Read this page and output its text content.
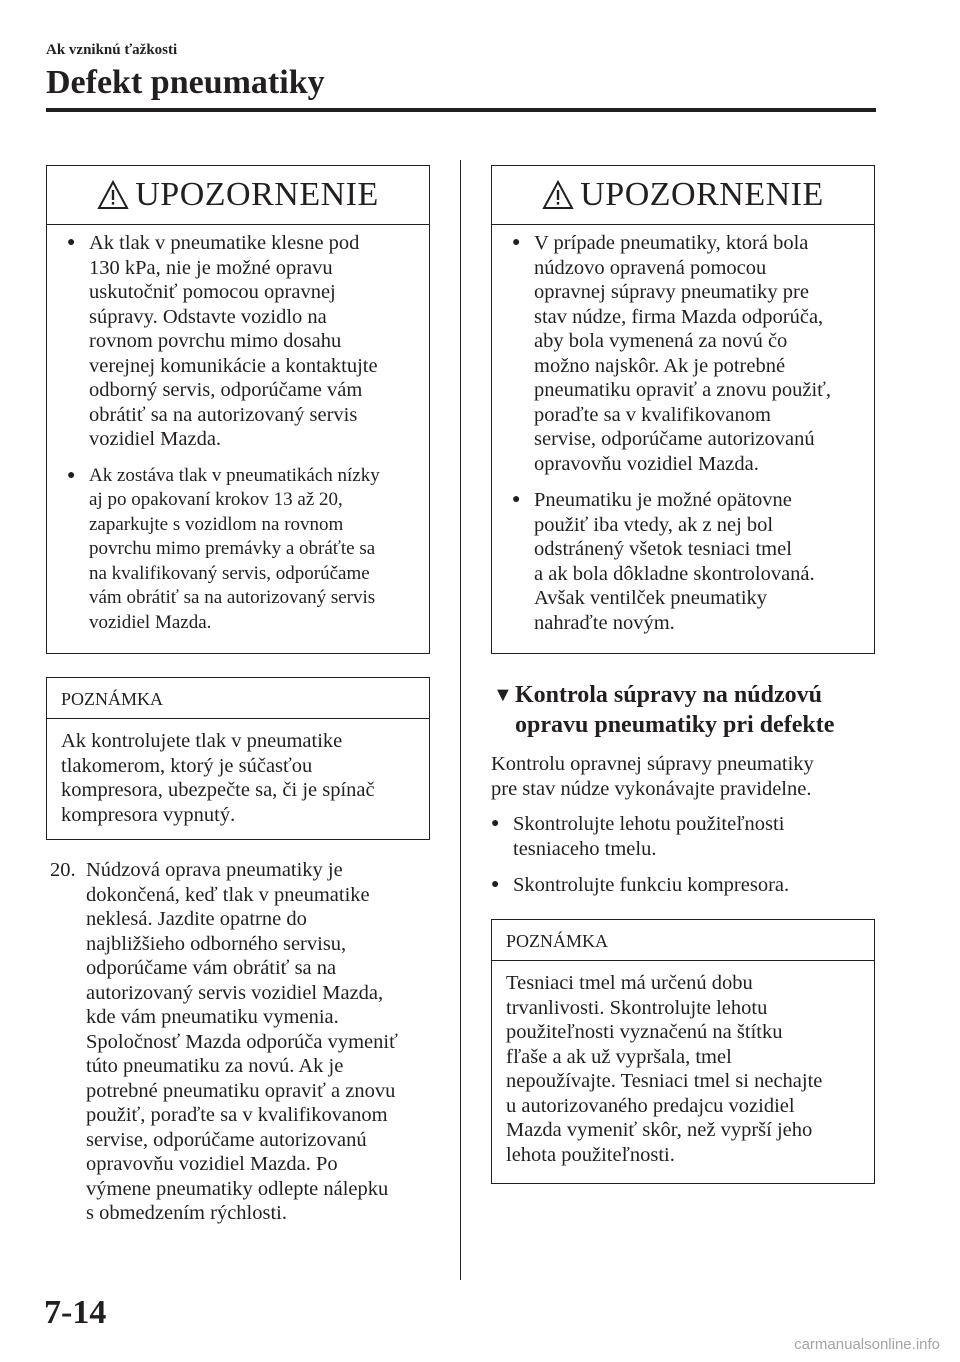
Ak vzniknú ťažkosti
Defekt pneumatiky
UPOZORNENIE
● Ak tlak v pneumatike klesne pod
130 kPa, nie je možné opravu
uskutočniť pomocou opravnej
súpravy. Odstavte vozidlo na
rovnom povrchu mimo dosahu
verejnej komunikácie a kontaktujte
odborný servis, odporúčame vám
obrátiť sa na autorizovaný servis
vozidiel Mazda.
● Ak zostáva tlak v pneumatikách nízky
aj po opakovaní krokov 13 až 20,
zaparkujte s vozidlom na rovnom
povrchu mimo premávky a obráťte sa
na kvalifikovaný servis, odporúčame
vám obrátiť sa na autorizovaný servis
vozidiel Mazda.
POZNÁMKA
Ak kontrolujete tlak v pneumatike
tlakomerom, ktorý je súčasťou
kompresora, ubezpečte sa, či je spínač
kompresora vypnutý.
20. Núdzová oprava pneumatiky je
dokončená, keď tlak v pneumatike
neklesá. Jazdite opatrne do
najbližšieho odborného servisu,
odporúčame vám obrátiť sa na
autorizovaný servis vozidiel Mazda,
kde vám pneumatiku vymenia.
Spoločnosť Mazda odporúča vymeniť
túto pneumatiku za novú. Ak je
potrebné pneumatiku opraviť a znovu
použiť, poraďte sa v kvalifikovanom
servise, odporúčame autorizovanú
opravovňu vozidiel Mazda. Po
výmene pneumatiky odlepte nálepku
s obmedzením rýchlosti.
UPOZORNENIE
● V prípade pneumatiky, ktorá bola
núdzovo opravená pomocou
opravnej súpravy pneumatiky pre
stav núdze, firma Mazda odporúča,
aby bola vymenená za novú čo
možno najskôr. Ak je potrebné
pneumatiku opraviť a znovu použiť,
poraďte sa v kvalifikovanom
servise, odporúčame autorizovanú
opravovňu vozidiel Mazda.
● Pneumatiku je možné opätovne
použiť iba vtedy, ak z nej bol
odstránený všetok tesniaci tmel
a ak bola dôkladne skontrolovaná.
Avšak ventilček pneumatiky
nahraďte novým.
▼ Kontrola súpravy na núdzovú
opravu pneumatiky pri defekte

Kontrolu opravnej súpravy pneumatiky
pre stav núdze vykonávajte pravidelne.

● Skontrolujte lehotu použiteľnosti
tesniaceho tmelu.
● Skontrolujte funkciu kompresora.
POZNÁMKA
Tesniaci tmel má určenú dobu
trvanlivosti. Skontrolujte lehotu
použiteľnosti vyznačenú na štítku
fľaše a ak už vypršala, tmel
nepoužívajte. Tesniaci tmel si nechajte
u autorizovaného predajcu vozidiel
Mazda vymeniť skôr, než vyprší jeho
lehota použiteľnosti.
7-14
carmanualsonline.info
